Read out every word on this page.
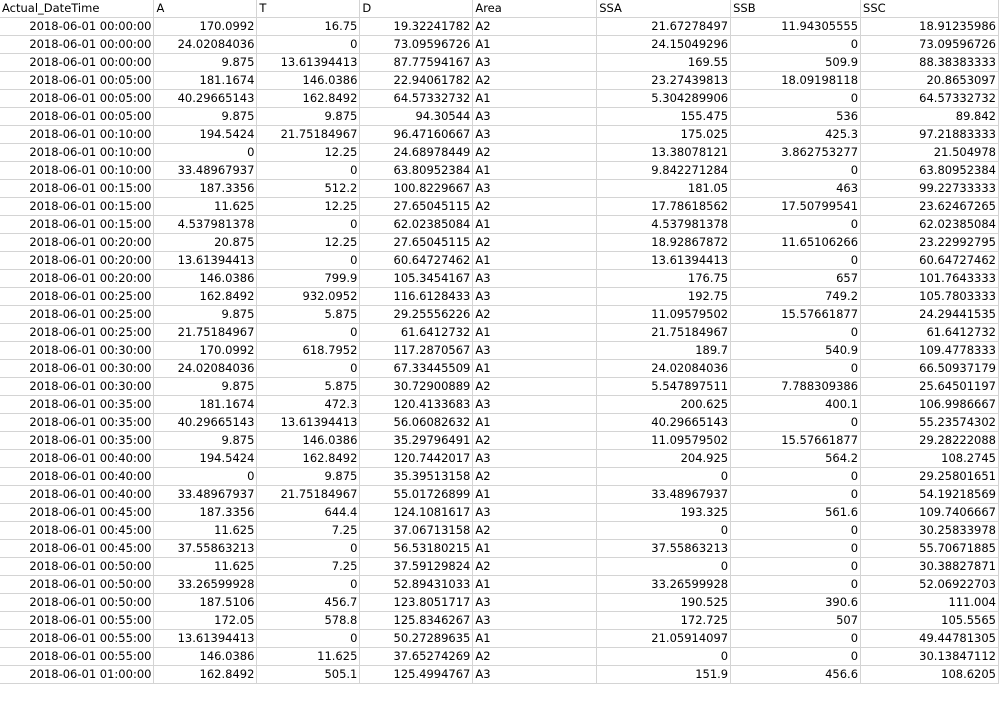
Actual_DateTime	A	T	D	Area	SSA	SSB	SSC
2018-06-01 00:00:00	170.0992	16.75	19.32241782	A2	21.67278497	11.94305555	18.91235986
2018-06-01 00:00:00	24.02084036	0	73.09596726	A1	24.15049296	0	73.09596726
2018-06-01 00:00:00	9.875	13.61394413	87.77594167	A3	169.55	509.9	88.38383333
2018-06-01 00:05:00	181.1674	146.0386	22.94061782	A2	23.27439813	18.09198118	20.8653097
2018-06-01 00:05:00	40.29665143	162.8492	64.57332732	A1	5.304289906	0	64.57332732
2018-06-01 00:05:00	9.875	9.875	94.30544	A3	155.475	536	89.842
2018-06-01 00:10:00	194.5424	21.75184967	96.47160667	A3	175.025	425.3	97.21883333
2018-06-01 00:10:00	0	12.25	24.68978449	A2	13.38078121	3.862753277	21.504978
2018-06-01 00:10:00	33.48967937	0	63.80952384	A1	9.842271284	0	63.80952384
2018-06-01 00:15:00	187.3356	512.2	100.8229667	A3	181.05	463	99.22733333
2018-06-01 00:15:00	11.625	12.25	27.65045115	A2	17.78618562	17.50799541	23.62467265
2018-06-01 00:15:00	4.537981378	0	62.02385084	A1	4.537981378	0	62.02385084
2018-06-01 00:20:00	20.875	12.25	27.65045115	A2	18.92867872	11.65106266	23.22992795
2018-06-01 00:20:00	13.61394413	0	60.64727462	A1	13.61394413	0	60.64727462
2018-06-01 00:20:00	146.0386	799.9	105.3454167	A3	176.75	657	101.7643333
2018-06-01 00:25:00	162.8492	932.0952	116.6128433	A3	192.75	749.2	105.7803333
2018-06-01 00:25:00	9.875	5.875	29.25556226	A2	11.09579502	15.57661877	24.29441535
2018-06-01 00:25:00	21.75184967	0	61.6412732	A1	21.75184967	0	61.6412732
2018-06-01 00:30:00	170.0992	618.7952	117.2870567	A3	189.7	540.9	109.4778333
2018-06-01 00:30:00	24.02084036	0	67.33445509	A1	24.02084036	0	66.50937179
2018-06-01 00:30:00	9.875	5.875	30.72900889	A2	5.547897511	7.788309386	25.64501197
2018-06-01 00:35:00	181.1674	472.3	120.4133683	A3	200.625	400.1	106.9986667
2018-06-01 00:35:00	40.29665143	13.61394413	56.06082632	A1	40.29665143	0	55.23574302
2018-06-01 00:35:00	9.875	146.0386	35.29796491	A2	11.09579502	15.57661877	29.28222088
2018-06-01 00:40:00	194.5424	162.8492	120.7442017	A3	204.925	564.2	108.2745
2018-06-01 00:40:00	0	9.875	35.39513158	A2	0	0	29.25801651
2018-06-01 00:40:00	33.48967937	21.75184967	55.01726899	A1	33.48967937	0	54.19218569
2018-06-01 00:45:00	187.3356	644.4	124.1081617	A3	193.325	561.6	109.7406667
2018-06-01 00:45:00	11.625	7.25	37.06713158	A2	0	0	30.25833978
2018-06-01 00:45:00	37.55863213	0	56.53180215	A1	37.55863213	0	55.70671885
2018-06-01 00:50:00	11.625	7.25	37.59129824	A2	0	0	30.38827871
2018-06-01 00:50:00	33.26599928	0	52.89431033	A1	33.26599928	0	52.06922703
2018-06-01 00:50:00	187.5106	456.7	123.8051717	A3	190.525	390.6	111.004
2018-06-01 00:55:00	172.05	578.8	125.8346267	A3	172.725	507	105.5565
2018-06-01 00:55:00	13.61394413	0	50.27289635	A1	21.05914097	0	49.44781305
2018-06-01 00:55:00	146.0386	11.625	37.65274269	A2	0	0	30.13847112
2018-06-01 01:00:00	162.8492	505.1	125.4994767	A3	151.9	456.6	108.6205
